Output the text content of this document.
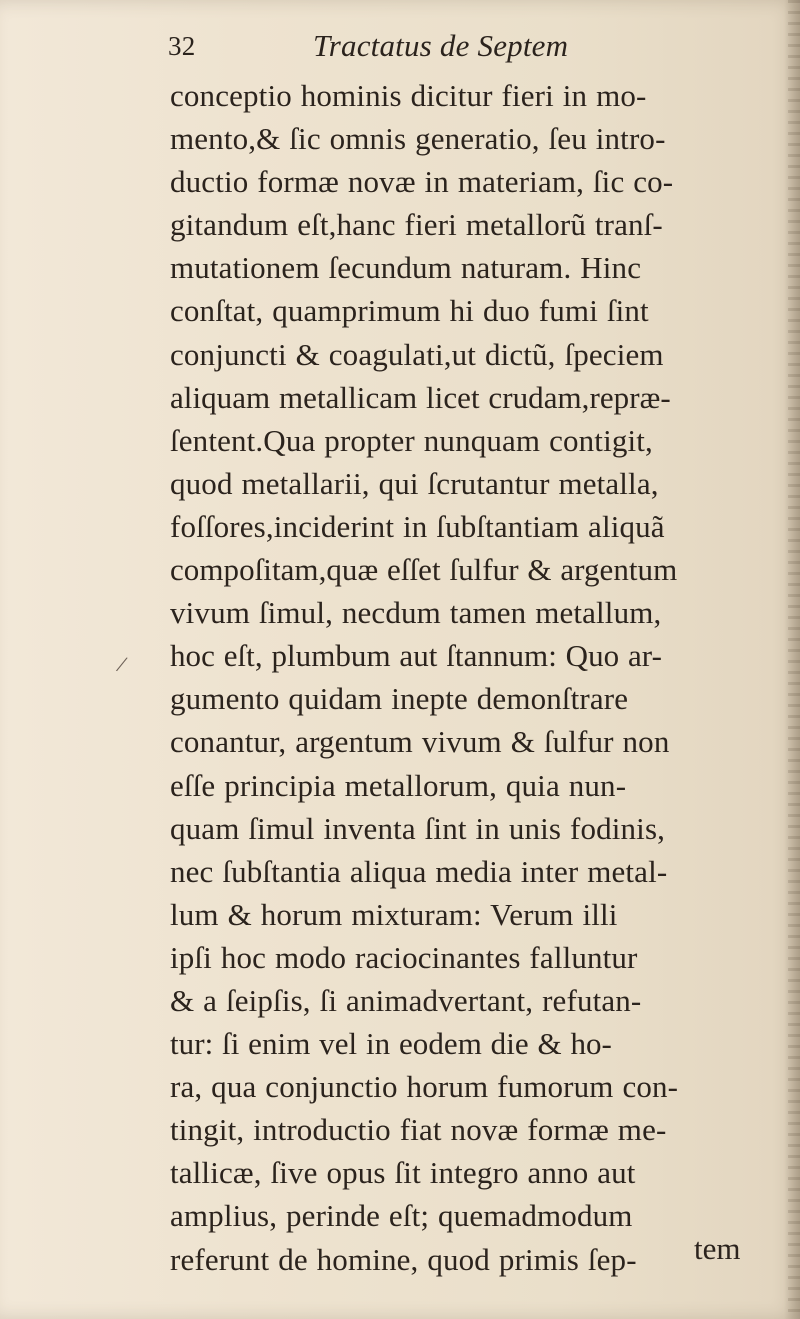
/
32	Tractatus de Septem
conceptio hominis dicitur fieri in mo-
mento,& ſic omnis generatio, ſeu intro-
ductio formæ novæ in materiam, ſic co-
gitandum eſt,hanc fieri metallorũ tranſ-
mutationem ſecundum naturam. Hinc
conſtat, quamprimum hi duo fumi ſint
conjuncti & coagulati,ut dictũ, ſpeciem
aliquam metallicam licet crudam,repræ-
ſentent.Qua propter nunquam contigit,
quod metallarii, qui ſcrutantur metalla,
foſſores,inciderint in ſubſtantiam aliquã
compoſitam,quæ eſſet ſulfur & argentum
vivum ſimul, necdum tamen metallum,
hoc eſt, plumbum aut ſtannum: Quo ar-
gumento quidam inepte demonſtrare
conantur, argentum vivum & ſulfur non
eſſe principia metallorum, quia nun-
quam ſimul inventa ſint in unis fodinis,
nec ſubſtantia aliqua media inter metal-
lum & horum mixturam: Verum illi
ipſi hoc modo raciocinantes falluntur
& a ſeipſis, ſi animadvertant, refutan-
tur: ſi enim vel in eodem die & ho-
ra, qua conjunctio horum fumorum con-
tingit, introductio fiat novæ formæ me-
tallicæ, ſive opus ſit integro anno aut
amplius, perinde eſt; quemadmodum
referunt de homine, quod primis ſep-	tem
